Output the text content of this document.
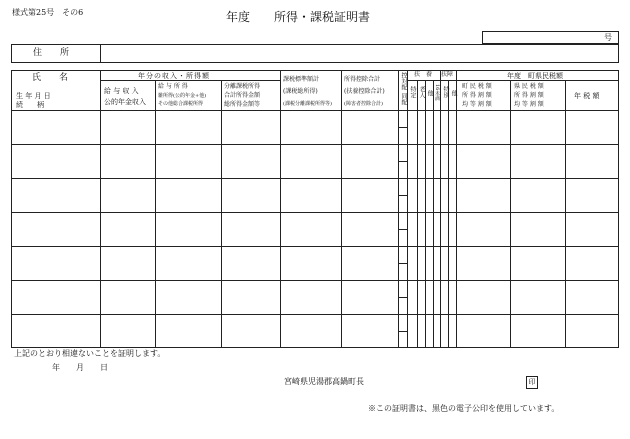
様式第25号　その6	年度　　所得・課税証明書
号
住　　所
氏　　名
生 年 月 日
続　　柄
年分の収入・所得額
給 与 収 入
公的年金収入
給 与 所 得
雑所得(公的年金+他)
その他総合課税所得
分離課税所得
合計所得金額
総所得金額等
課税標準額計
(課税総所得)
(課税分離課税所得等)
所得控除合計
(扶養控除合計)
(障害者控除合計)
控対配
同配
扶　養
特定 老人 他 16未満
扶障
特別 他
年度　町県民税額
町 民 税 額
所 得 割 額
均 等 割 額
県 民 税 額
所 得 割 額
均 等 割 額
年 税 額
上記のとおり相違ないことを証明します。
年　　月　　日
宮崎県児湯郡高鍋町長	印
※この証明書は、黒色の電子公印を使用しています。
